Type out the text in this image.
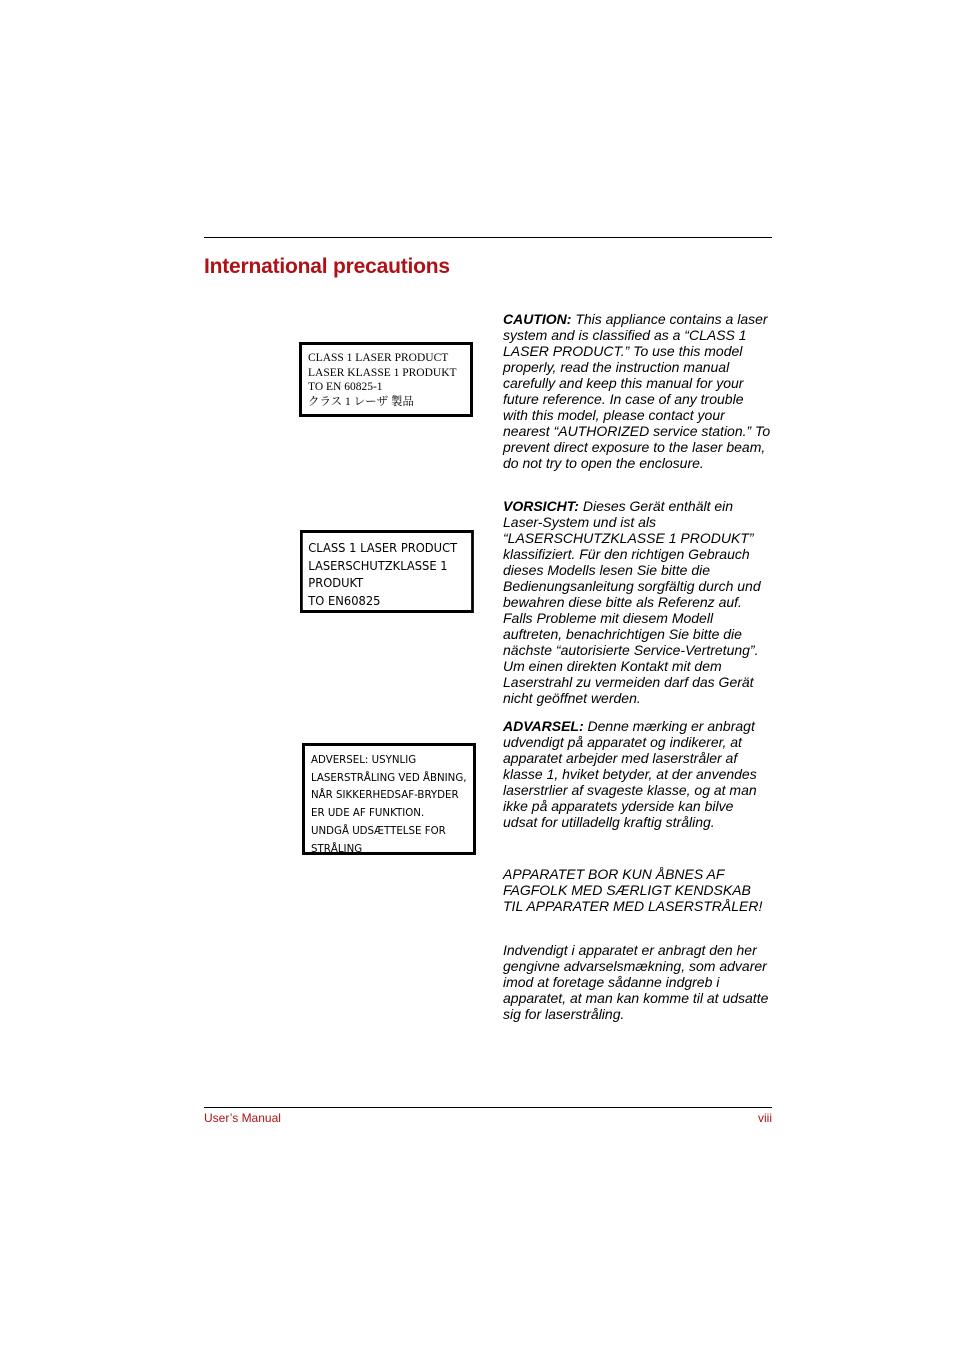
International precautions
CLASS 1 LASER PRODUCT
LASER KLASSE 1 PRODUKT
TO EN 60825-1
クラス 1 レーザ 製品
CLASS 1 LASER PRODUCT
LASERSCHUTZKLASSE 1
PRODUKT
TO EN60825
ADVERSEL: USYNLIG
LASERSTRÅLING VED ÅBNING,
NÅR SIKKERHEDSAF-BRYDER
ER UDE AF FUNKTION.
UNDGÅ UDSÆTTELSE FOR
STRÅLING

CAUTION: This appliance contains a laser system and is classified as a “CLASS 1 LASER PRODUCT.” To use this model properly, read the instruction manual carefully and keep this manual for your future reference. In case of any trouble with this model, please contact your nearest “AUTHORIZED service station.” To prevent direct exposure to the laser beam, do not try to open the enclosure.

VORSICHT: Dieses Gerät enthält ein Laser-System und ist als “LASERSCHUTZKLASSE 1 PRODUKT” klassifiziert. Für den richtigen Gebrauch dieses Modells lesen Sie bitte die Bedienungsanleitung sorgfältig durch und bewahren diese bitte als Referenz auf. Falls Probleme mit diesem Modell auftreten, benachrichtigen Sie bitte die nächste “autorisierte Service-Vertretung”. Um einen direkten Kontakt mit dem Laserstrahl zu vermeiden darf das Gerät nicht geöffnet werden.

ADVARSEL: Denne mærking er anbragt udvendigt på apparatet og indikerer, at apparatet arbejder med laserstråler af klasse 1, hviket betyder, at der anvendes laserstrlier af svageste klasse, og at man ikke på apparatets yderside kan bilve udsat for utilladellg kraftig stråling.

APPARATET BOR KUN ÅBNES AF FAGFOLK MED SÆRLIGT KENDSKAB TIL APPARATER MED LASERSTRÅLER!

Indvendigt i apparatet er anbragt den her gengivne advarselsmækning, som advarer imod at foretage sådanne indgreb i apparatet, at man kan komme til at udsatte sig for laserstråling.

User’s Manual	viii
